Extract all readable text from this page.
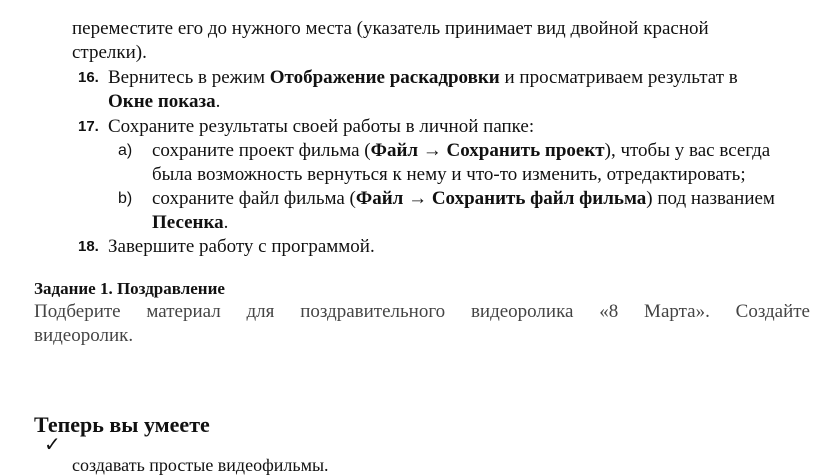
переместите его до нужного места (указатель принимает вид двойной красной
стрелки).
16. Вернитесь в режим Отображение раскадровки и просматриваем результат в
Окне показа.
17. Сохраните результаты своей работы в личной папке:
a) сохраните проект фильма (Файл → Сохранить проект), чтобы у вас всегда
была возможность вернуться к нему и что-то изменить, отредактировать;
b) сохраните файл фильма (Файл → Сохранить файл фильма) под названием
Песенка.
18. Завершите работу с программой.
Задание 1. Поздравление
Подберите материал для поздравительного видеоролика «8 Марта». Создайте
видеоролик.
Теперь вы умеете
✓
создавать простые видеофильмы.
